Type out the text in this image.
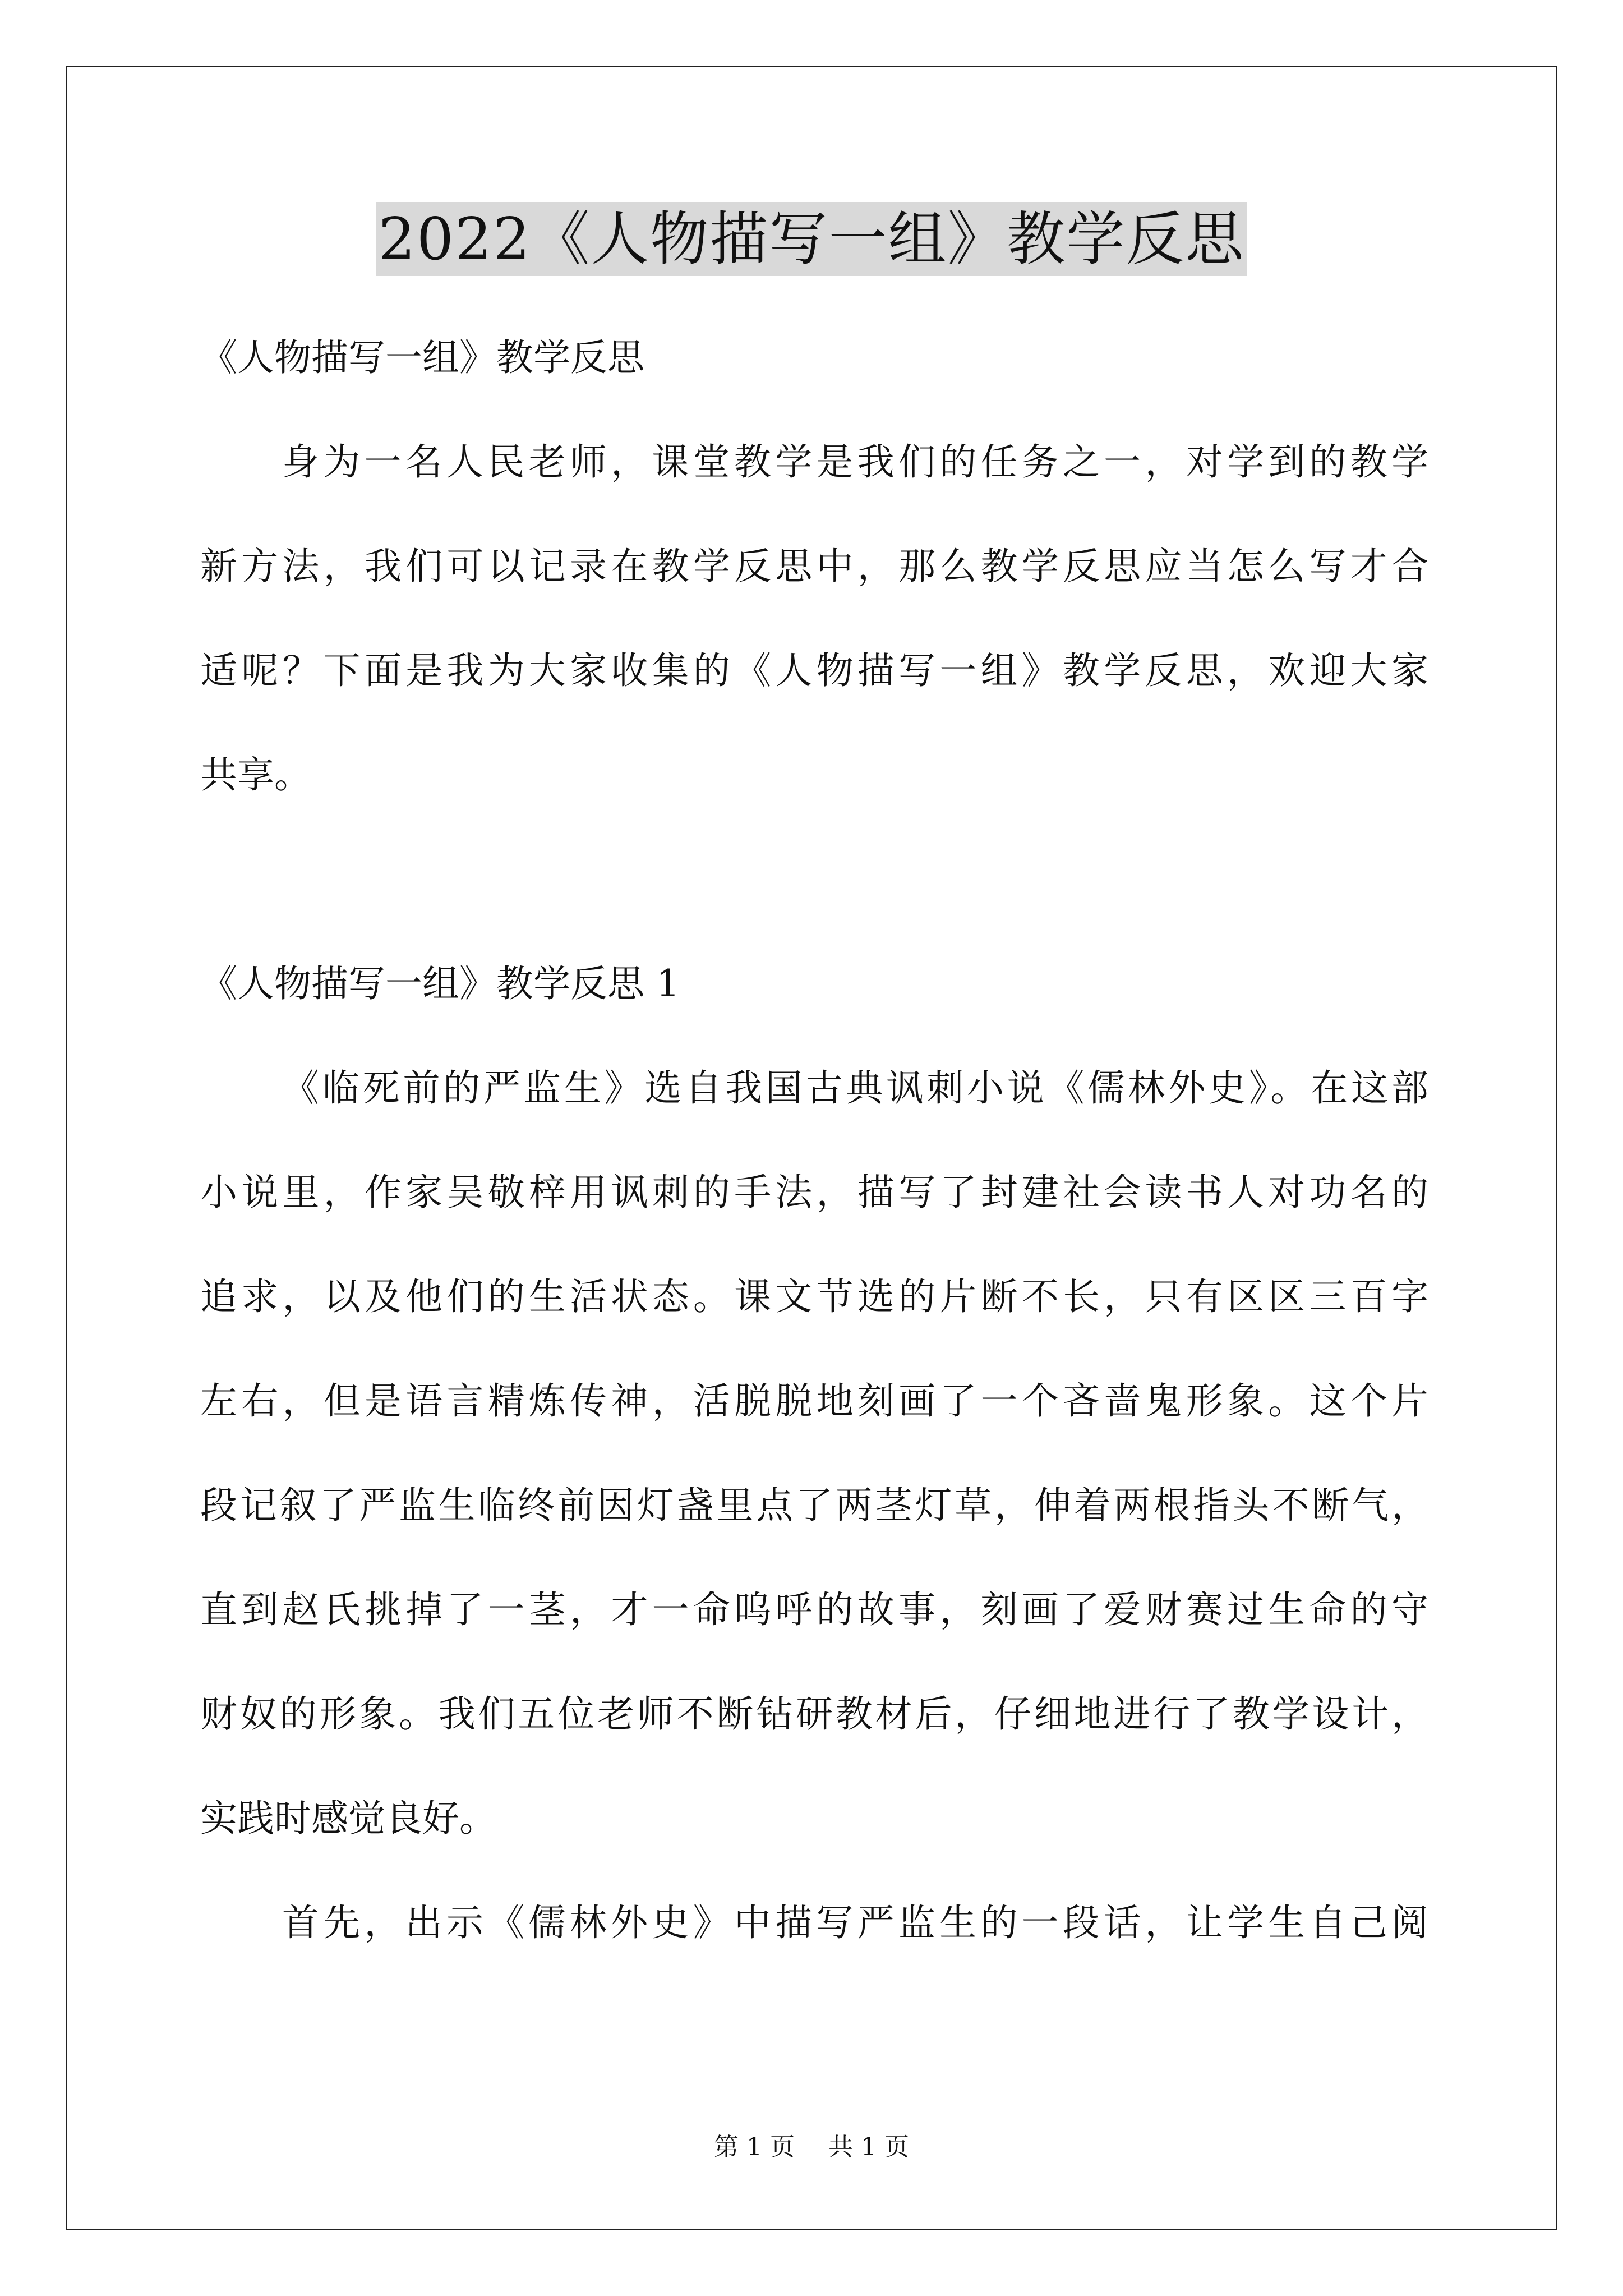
2022《人物描写一组》教学反思
《人物描写一组》教学反思
身为一名人民老师，课堂教学是我们的任务之一，对学到的教学
新方法，我们可以记录在教学反思中，那么教学反思应当怎么写才合
适呢？下面是我为大家收集的《人物描写一组》教学反思，欢迎大家
共享。
《人物描写一组》教学反思 1
《临死前的严监生》选自我国古典讽刺小说《儒林外史》。在这部
小说里，作家吴敬梓用讽刺的手法，描写了封建社会读书人对功名的
追求，以及他们的生活状态。课文节选的片断不长，只有区区三百字
左右，但是语言精炼传神，活脱脱地刻画了一个吝啬鬼形象。这个片
段记叙了严监生临终前因灯盏里点了两茎灯草，伸着两根指头不断气，
直到赵氏挑掉了一茎，才一命呜呼的故事，刻画了爱财赛过生命的守
财奴的形象。我们五位老师不断钻研教材后，仔细地进行了教学设计，
实践时感觉良好。
首先，出示《儒林外史》中描写严监生的一段话，让学生自己阅
第 1 页 共 1 页
